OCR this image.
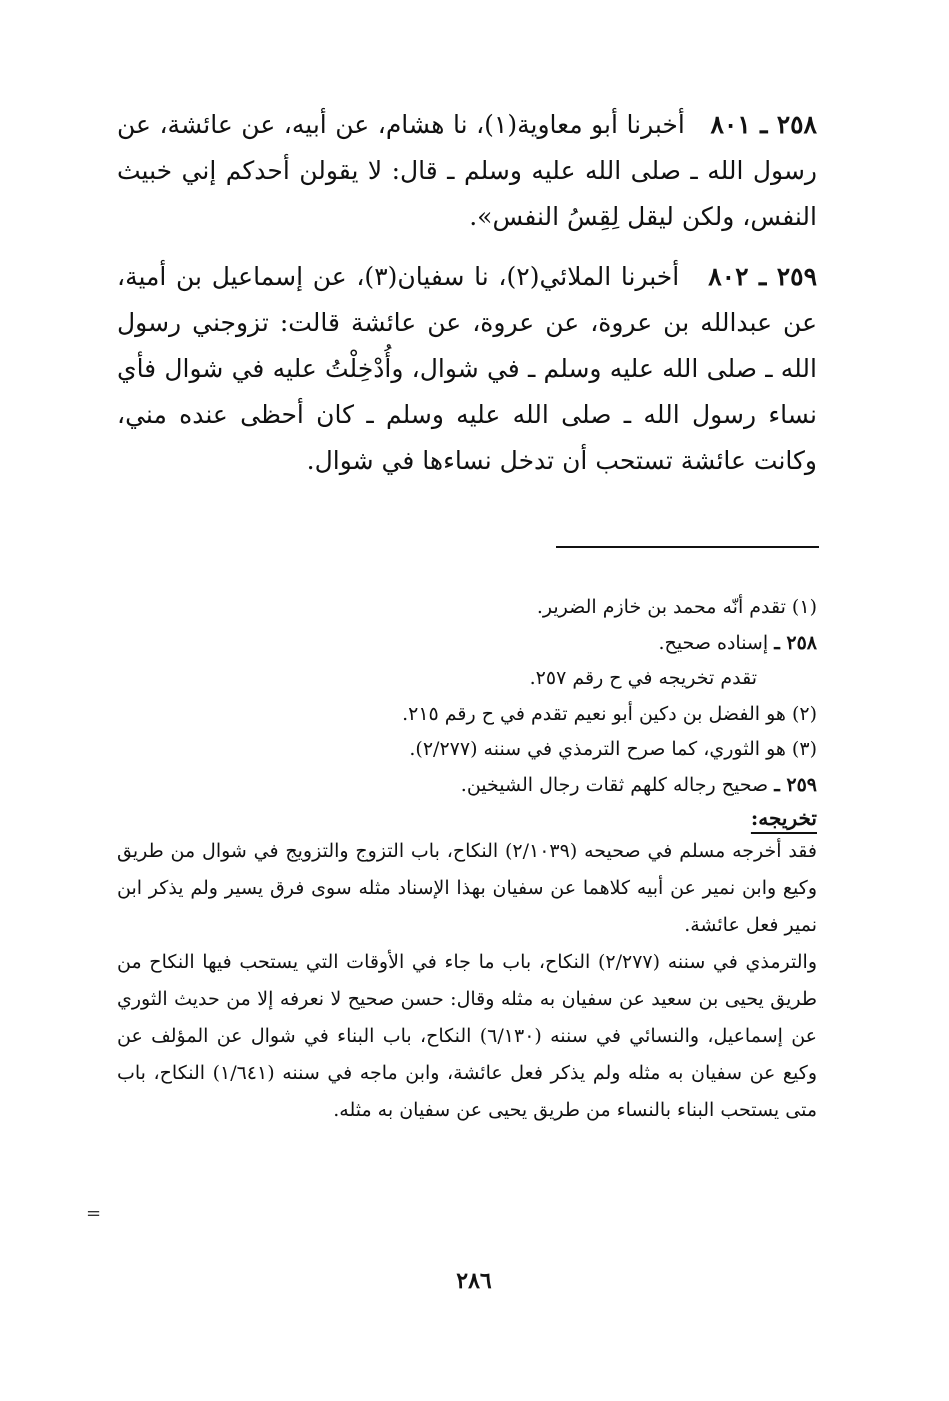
٢٥٨ ـ ٨٠١   أخبرنا أبو معاوية(١)، نا هشام، عن أبيه، عن عائشة، عن رسول الله ـ صلى الله عليه وسلم ـ قال: لا يقولن أحدكم إني خبيث النفس، ولكن ليقل لِقِسُ النفس».

٢٥٩ ـ ٨٠٢   أخبرنا الملائي(٢)، نا سفيان(٣)، عن إسماعيل بن أمية، عن عبدالله بن عروة، عن عروة، عن عائشة قالت: تزوجني رسول الله ـ صلى الله عليه وسلم ـ في شوال، وأُدْخِلْتُ عليه في شوال فأي نساء رسول الله ـ صلى الله عليه وسلم ـ كان أحظى عنده مني، وكانت عائشة تستحب أن تدخل نساءها في شوال.

(١) تقدم أنّه محمد بن خازم الضرير.

٢٥٨ ـ إسناده صحيح.

تقدم تخريجه في ح رقم ٢٥٧.

(٢) هو الفضل بن دكين أبو نعيم تقدم في ح رقم ٢١٥.

(٣) هو الثوري، كما صرح الترمذي في سننه (٢/٢٧٧).

٢٥٩ ـ صحيح رجاله كلهم ثقات رجال الشيخين.

تخريجه:

فقد أخرجه مسلم في صحيحه (٢/١٠٣٩) النكاح، باب التزوج والتزويج في شوال من طريق وكيع وابن نمير عن أبيه كلاهما عن سفيان بهذا الإسناد مثله سوى فرق يسير ولم يذكر ابن نمير فعل عائشة.

والترمذي في سننه (٢/٢٧٧) النكاح، باب ما جاء في الأوقات التي يستحب فيها النكاح من طريق يحيى بن سعيد عن سفيان به مثله وقال: حسن صحيح لا نعرفه إلا من حديث الثوري عن إسماعيل، والنسائي في سننه (٦/١٣٠) النكاح، باب البناء في شوال عن المؤلف عن وكيع عن سفيان به مثله ولم يذكر فعل عائشة، وابن ماجه في سننه (١/٦٤١) النكاح، باب متى يستحب البناء بالنساء من طريق يحيى عن سفيان به مثله.

=
٢٨٦
